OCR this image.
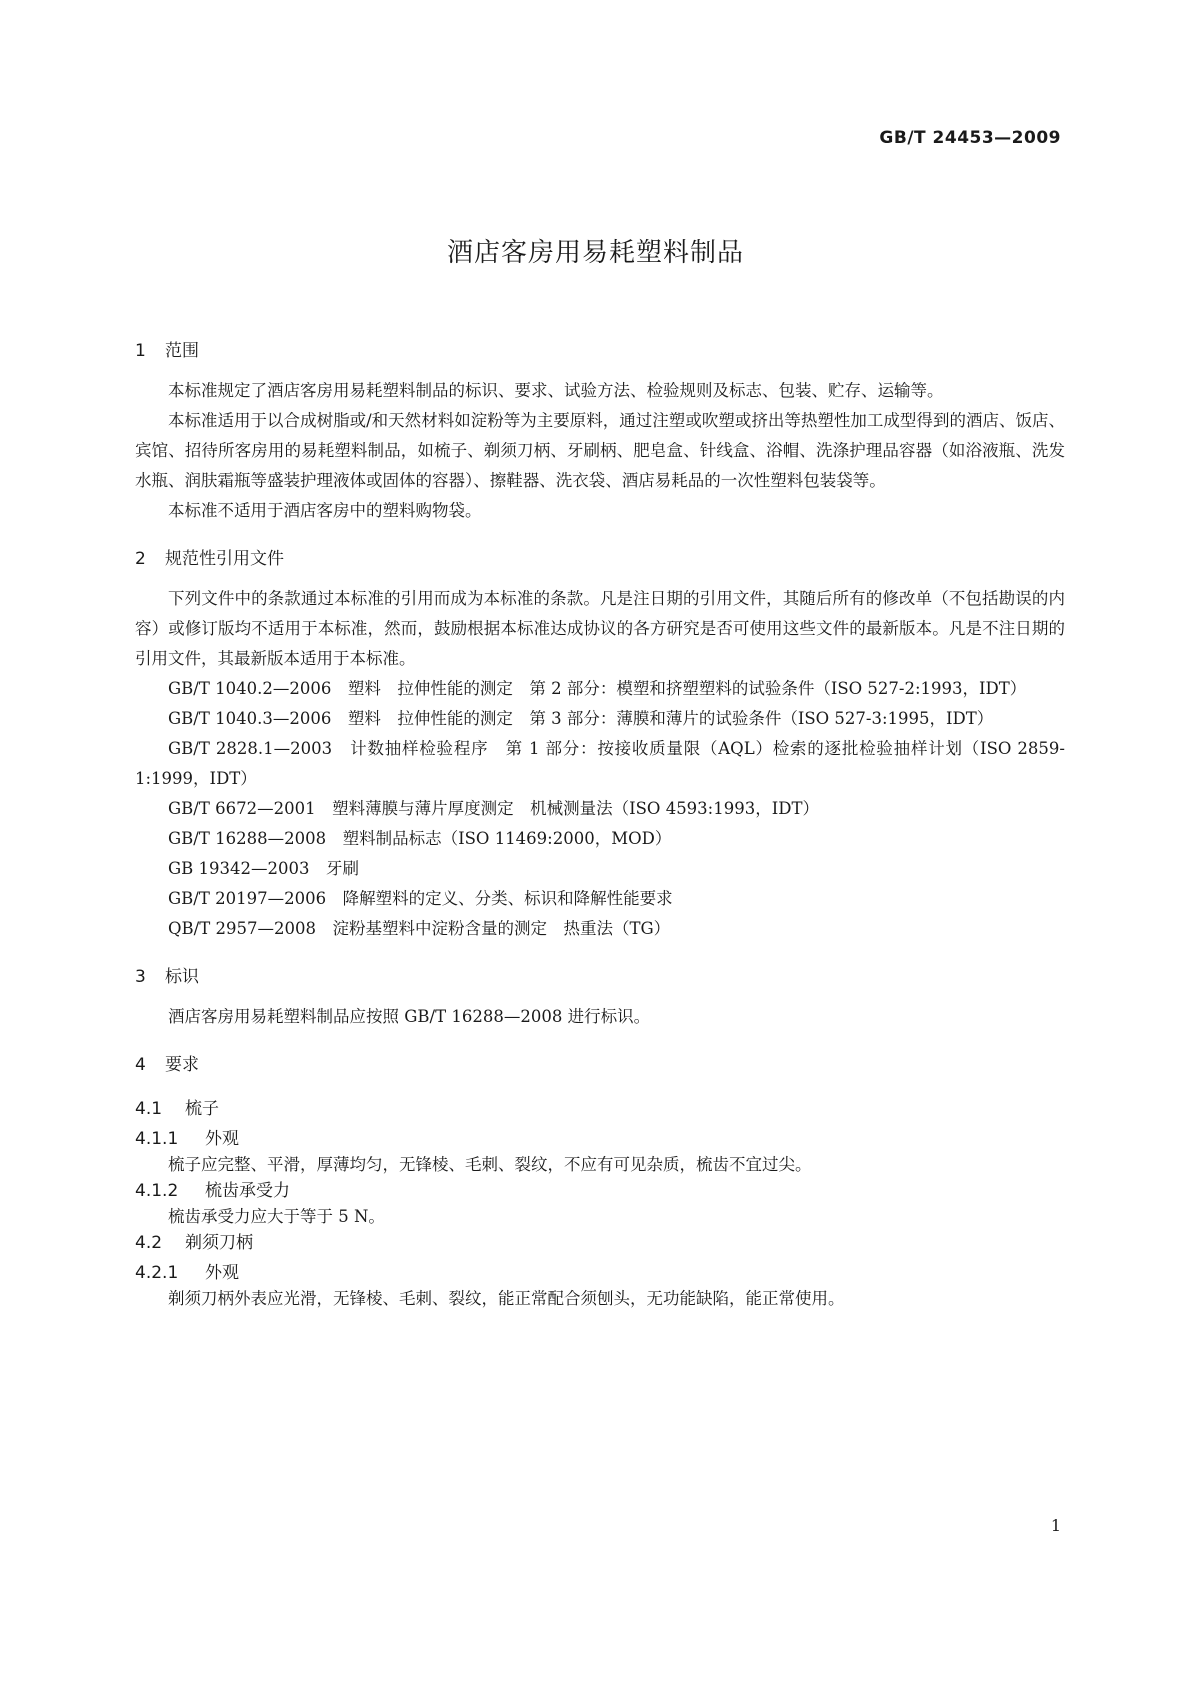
GB/T 24453—2009
酒店客房用易耗塑料制品
1 范围

本标准规定了酒店客房用易耗塑料制品的标识、要求、试验方法、检验规则及标志、包装、贮存、运输等。

本标准适用于以合成树脂或/和天然材料如淀粉等为主要原料，通过注塑或吹塑或挤出等热塑性加工成型得到的酒店、饭店、宾馆、招待所客房用的易耗塑料制品，如梳子、剃须刀柄、牙刷柄、肥皂盒、针线盒、浴帽、洗涤护理品容器（如浴液瓶、洗发水瓶、润肤霜瓶等盛装护理液体或固体的容器）、擦鞋器、洗衣袋、酒店易耗品的一次性塑料包装袋等。

本标准不适用于酒店客房中的塑料购物袋。

2 规范性引用文件

下列文件中的条款通过本标准的引用而成为本标准的条款。凡是注日期的引用文件，其随后所有的修改单（不包括勘误的内容）或修订版均不适用于本标准，然而，鼓励根据本标准达成协议的各方研究是否可使用这些文件的最新版本。凡是不注日期的引用文件，其最新版本适用于本标准。

GB/T 1040.2—2006　塑料　拉伸性能的测定　第 2 部分：模塑和挤塑塑料的试验条件（ISO 527-2:1993，IDT）

GB/T 1040.3—2006　塑料　拉伸性能的测定　第 3 部分：薄膜和薄片的试验条件（ISO 527-3:1995，IDT）

GB/T 2828.1—2003　计数抽样检验程序　第 1 部分：按接收质量限（AQL）检索的逐批检验抽样计划（ISO 2859-1:1999，IDT）

GB/T 6672—2001　塑料薄膜与薄片厚度测定　机械测量法（ISO 4593:1993，IDT）

GB/T 16288—2008　塑料制品标志（ISO 11469:2000，MOD）

GB 19342—2003　牙刷

GB/T 20197—2006　降解塑料的定义、分类、标识和降解性能要求

QB/T 2957—2008　淀粉基塑料中淀粉含量的测定　热重法（TG）

3 标识

酒店客房用易耗塑料制品应按照 GB/T 16288—2008 进行标识。

4 要求
4.1 梳子
4.1.1 外观

梳子应完整、平滑，厚薄均匀，无锋棱、毛刺、裂纹，不应有可见杂质，梳齿不宜过尖。

4.1.2 梳齿承受力

梳齿承受力应大于等于 5 N。

4.2 剃须刀柄
4.2.1 外观

剃须刀柄外表应光滑，无锋棱、毛刺、裂纹，能正常配合须刨头，无功能缺陷，能正常使用。

1
